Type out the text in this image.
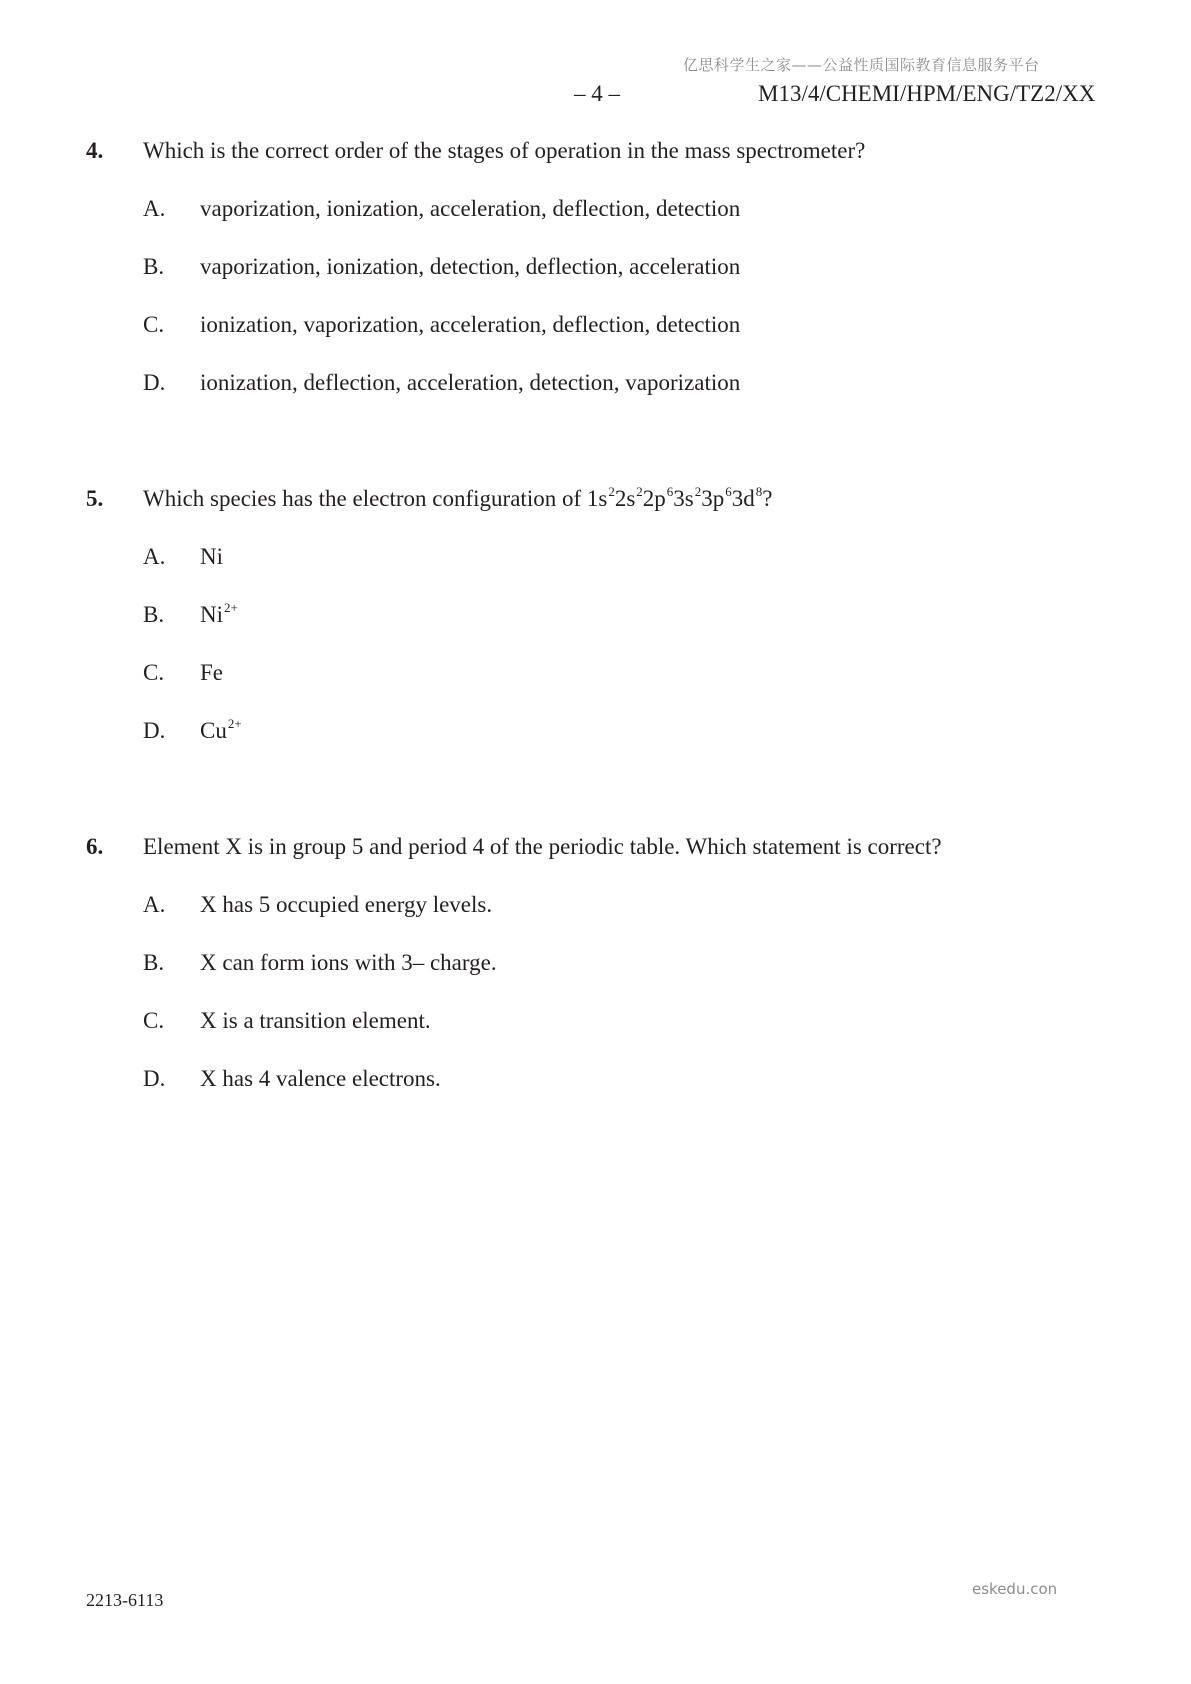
亿思科学生之家——公益性质国际教育信息服务平台
– 4 –	M13/4/CHEMI/HPM/ENG/TZ2/XX
4. Which is the correct order of the stages of operation in the mass spectrometer?
A. vaporization, ionization, acceleration, deflection, detection
B. vaporization, ionization, detection, deflection, acceleration
C. ionization, vaporization, acceleration, deflection, detection
D. ionization, deflection, acceleration, detection, vaporization
5. Which species has the electron configuration of $1s^22s^22p^63s^23p^63d^8$?
A. Ni
B. $Ni^{2+}$
C. Fe
D. $Cu^{2+}$
6. Element X is in group 5 and period 4 of the periodic table. Which statement is correct?
A. X has 5 occupied energy levels.
B. X can form ions with 3– charge.
C. X is a transition element.
D. X has 4 valence electrons.
2213-6113
eskedu.con
